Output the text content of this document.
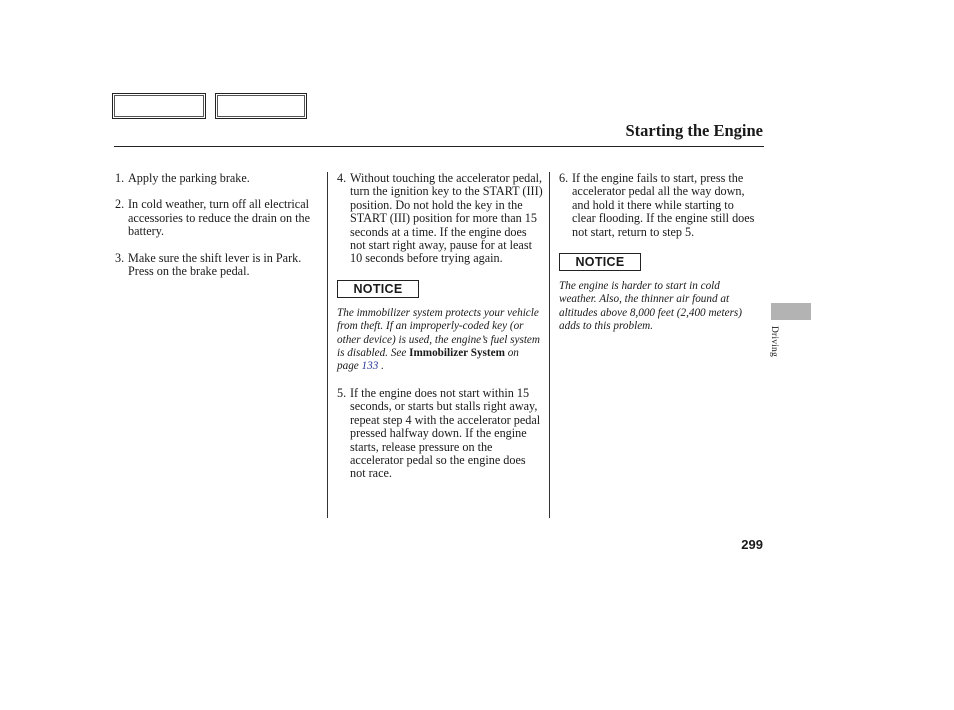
Starting the Engine
1. Apply the parking brake.
2. In cold weather, turn off all electrical accessories to reduce the drain on the battery.
3. Make sure the shift lever is in Park. Press on the brake pedal.
4. Without touching the accelerator pedal, turn the ignition key to the START (III) position. Do not hold the key in the START (III) position for more than 15 seconds at a time. If the engine does not start right away, pause for at least 10 seconds before trying again.
NOTICE

The immobilizer system protects your vehicle from theft. If an improperly-coded key (or other device) is used, the engine’s fuel system is disabled. See Immobilizer System on page 133 .

5. If the engine does not start within 15 seconds, or starts but stalls right away, repeat step 4 with the accelerator pedal pressed halfway down. If the engine starts, release pressure on the accelerator pedal so the engine does not race.
6. If the engine fails to start, press the accelerator pedal all the way down, and hold it there while starting to clear flooding. If the engine still does not start, return to step 5.
NOTICE

The engine is harder to start in cold weather. Also, the thinner air found at altitudes above 8,000 feet (2,400 meters) adds to this problem.	Driving
299
